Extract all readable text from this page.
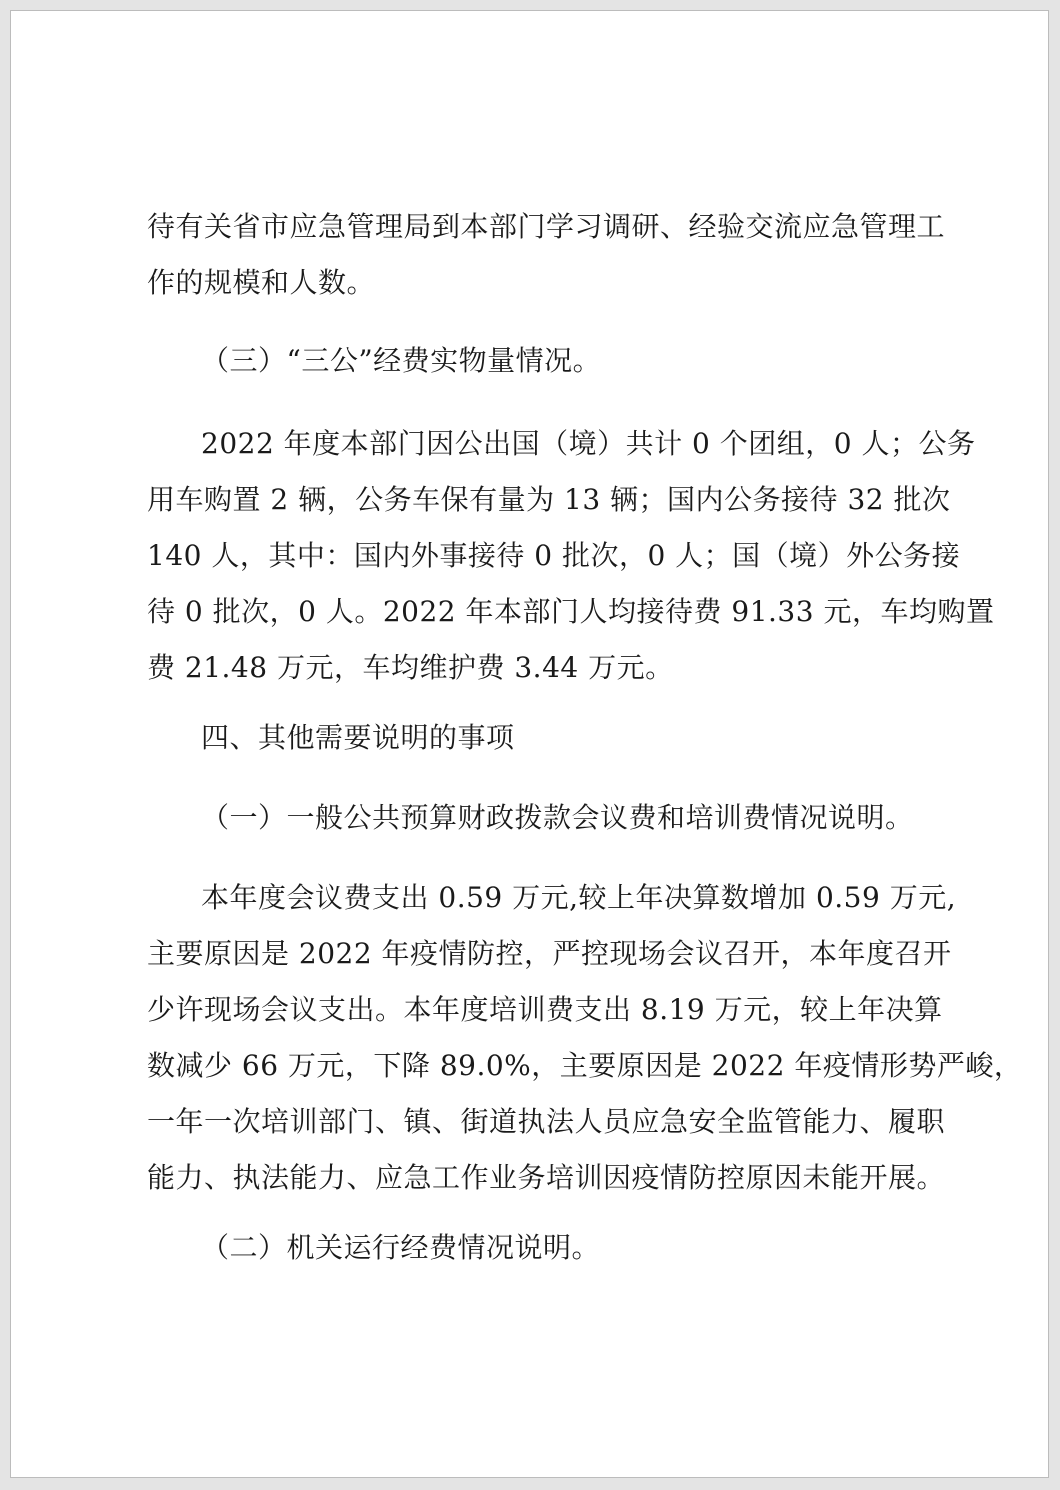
待有关省市应急管理局到本部门学习调研、经验交流应急管理工
作的规模和人数。
（三）“三公”经费实物量情况。
2022 年度本部门因公出国（境）共计 0 个团组，0 人；公务
用车购置 2 辆，公务车保有量为 13 辆；国内公务接待 32 批次
140 人，其中：国内外事接待 0 批次，0 人；国（境）外公务接
待 0 批次，0 人。2022 年本部门人均接待费 91.33 元，车均购置
费 21.48 万元，车均维护费 3.44 万元。
四、其他需要说明的事项
（一）一般公共预算财政拨款会议费和培训费情况说明。
本年度会议费支出 0.59 万元,较上年决算数增加 0.59 万元,
主要原因是 2022 年疫情防控，严控现场会议召开，本年度召开
少许现场会议支出。本年度培训费支出 8.19 万元，较上年决算
数减少 66 万元，下降 89.0%，主要原因是 2022 年疫情形势严峻，
一年一次培训部门、镇、街道执法人员应急安全监管能力、履职
能力、执法能力、应急工作业务培训因疫情防控原因未能开展。
（二）机关运行经费情况说明。
